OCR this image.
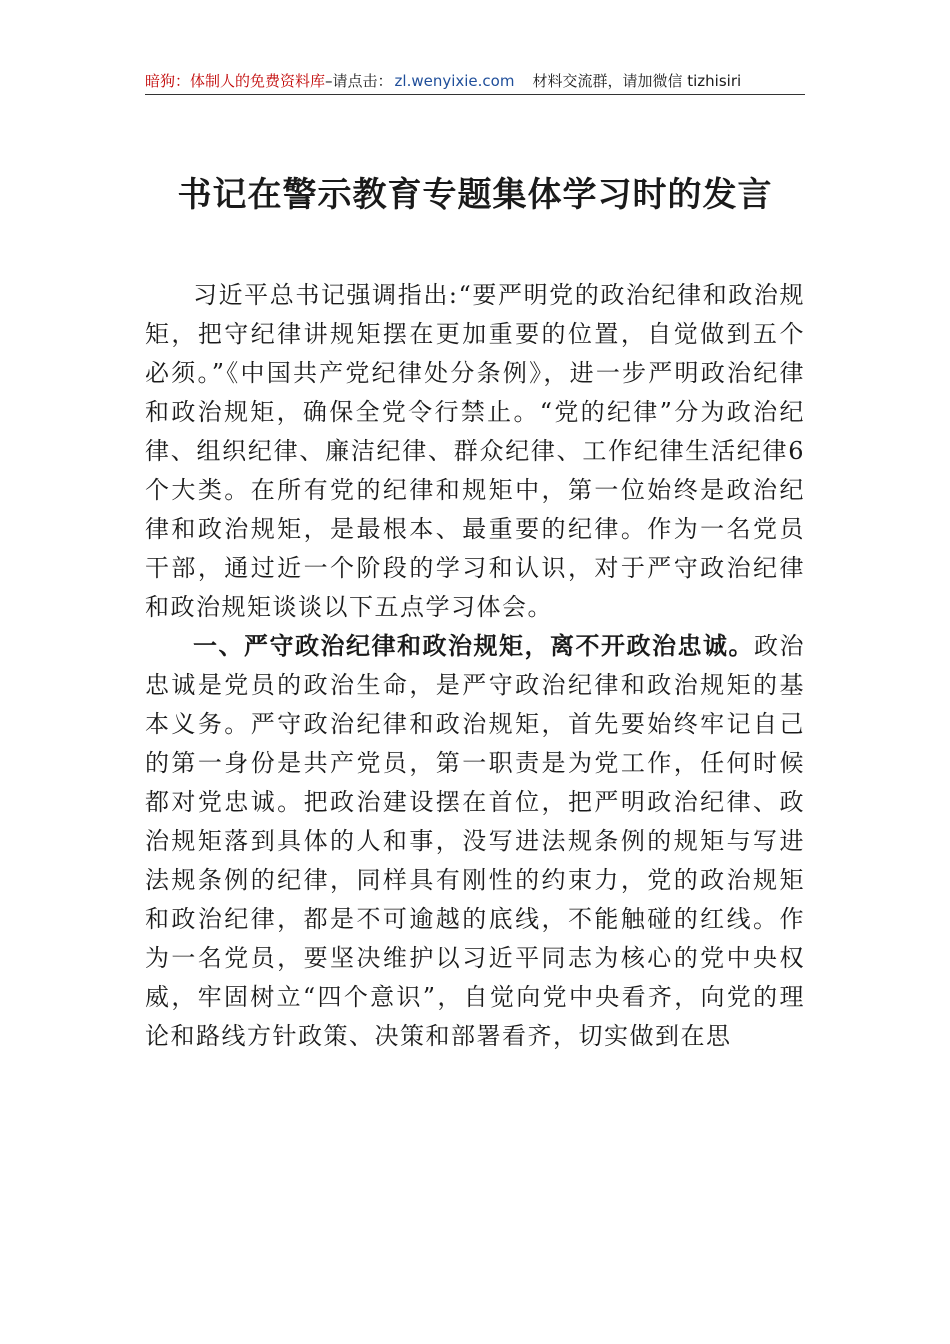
暗狗：体制人的免费资料库–请点击： zl.wenyixie.com 材料交流群，请加微信 tizhisiri
书记在警示教育专题集体学习时的发言

习近平总书记强调指出:“要严明党的政治纪律和政治规矩，把守纪律讲规矩摆在更加重要的位置，自觉做到五个必须。”《中国共产党纪律处分条例》，进一步严明政治纪律和政治规矩，确保全党令行禁止。“党的纪律”分为政治纪律、组织纪律、廉洁纪律、群众纪律、工作纪律生活纪律6个大类。在所有党的纪律和规矩中，第一位始终是政治纪律和政治规矩，是最根本、最重要的纪律。作为一名党员干部，通过近一个阶段的学习和认识，对于严守政治纪律和政治规矩谈谈以下五点学习体会。

一、严守政治纪律和政治规矩，离不开政治忠诚。政治忠诚是党员的政治生命，是严守政治纪律和政治规矩的基本义务。严守政治纪律和政治规矩，首先要始终牢记自己的第一身份是共产党员，第一职责是为党工作，任何时候都对党忠诚。把政治建设摆在首位，把严明政治纪律、政治规矩落到具体的人和事，没写进法规条例的规矩与写进法规条例的纪律，同样具有刚性的约束力，党的政治规矩和政治纪律，都是不可逾越的底线，不能触碰的红线。作为一名党员，要坚决维护以习近平同志为核心的党中央权威，牢固树立“四个意识”，自觉向党中央看齐，向党的理论和路线方针政策、决策和部署看齐，切实做到在思
